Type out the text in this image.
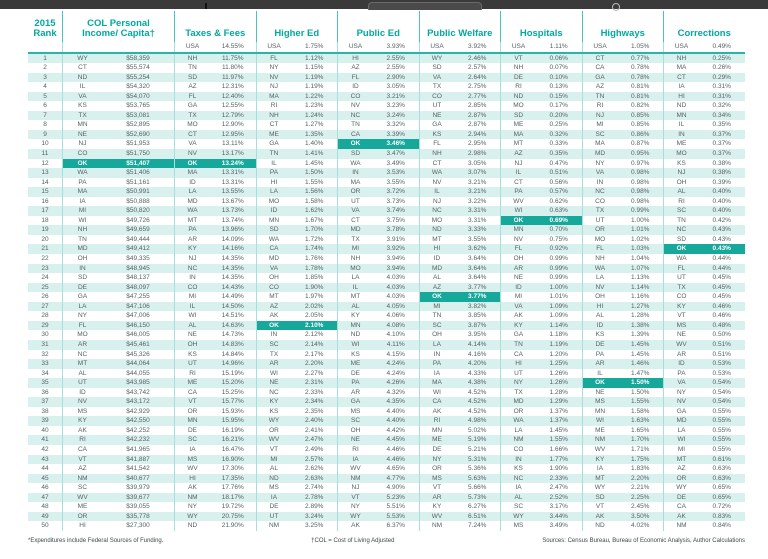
2015
Rank
COL Personal
Income/ Capita†	Taxes & Fees	Higher Ed	Public Ed	Public Welfare	Hospitals	Highways	Corrections
USA	14.55%	USA	1.75%	USA	3.93%	USA	3.92%	USA	1.11%	USA	1.05%	USA	0.49%
1	WY	$58,359	NH	11.75%	FL	1.12%	HI	2.55%	WY	2.46%	VT	0.06%	CT	0.77%	NH	0.25%
2	CT	$55,574	TN	11.80%	NY	1.15%	AZ	2.55%	SD	2.57%	NH	0.07%	CA	0.78%	MA	0.26%
3	ND	$55,254	SD	11.97%	NV	1.19%	FL	2.90%	VA	2.64%	DE	0.10%	GA	0.78%	CT	0.29%
4	IL	$54,320	AZ	12.31%	NJ	1.19%	ID	3.05%	TX	2.75%	RI	0.13%	AZ	0.81%	IA	0.31%
5	VA	$54,070	FL	12.40%	MA	1.22%	CO	3.21%	CO	2.77%	ND	0.15%	TN	0.81%	HI	0.31%
6	KS	$53,765	GA	12.55%	RI	1.23%	NV	3.23%	UT	2.85%	MO	0.17%	RI	0.82%	ND	0.32%
7	TX	$53,081	TX	12.79%	NH	1.24%	NC	3.24%	NE	2.87%	SD	0.20%	NJ	0.85%	MN	0.34%
8	MN	$52,895	MO	12.90%	CT	1.27%	TN	3.32%	GA	2.87%	ME	0.25%	MI	0.85%	IL	0.35%
9	NE	$52,690	CT	12.95%	ME	1.35%	CA	3.39%	KS	2.94%	MA	0.32%	SC	0.86%	IN	0.37%
10	NJ	$51,953	VA	13.11%	GA	1.40%	OK	3.46%	FL	2.95%	MT	0.33%	MA	0.87%	ME	0.37%
11	CO	$51,750	NV	13.17%	TN	1.41%	SD	3.47%	NH	2.98%	AZ	0.35%	MD	0.95%	MO	0.37%
12	OK	$51,407	OK	13.24%	IL	1.45%	WA	3.49%	CT	3.05%	NJ	0.47%	NY	0.97%	KS	0.38%
13	WA	$51,406	MA	13.31%	PA	1.50%	IN	3.53%	WA	3.07%	IL	0.51%	VA	0.98%	NJ	0.38%
14	PA	$51,161	ID	13.31%	HI	1.55%	MA	3.55%	NV	3.21%	CT	0.56%	IN	0.98%	OH	0.39%
15	MA	$50,991	LA	13.55%	LA	1.56%	OR	3.72%	IL	3.21%	PA	0.57%	NC	0.98%	AL	0.40%
16	IA	$50,888	MD	13.67%	MO	1.58%	UT	3.73%	NJ	3.22%	WV	0.62%	CO	0.98%	RI	0.40%
17	MI	$50,820	WA	13.73%	ID	1.62%	VA	3.74%	NC	3.31%	WI	0.63%	TX	0.99%	SC	0.40%
18	WI	$49,726	MT	13.74%	MN	1.67%	CT	3.75%	MO	3.31%	OK	0.69%	UT	1.00%	TN	0.42%
19	NH	$49,659	PA	13.96%	SD	1.70%	MD	3.78%	ND	3.33%	MN	0.70%	OR	1.01%	NC	0.43%
20	TN	$49,444	AR	14.09%	WA	1.72%	TX	3.91%	MT	3.55%	NV	0.75%	MO	1.02%	SD	0.43%
21	MD	$49,412	KY	14.16%	CA	1.74%	MI	3.92%	HI	3.62%	FL	0.92%	FL	1.03%	OK	0.43%
22	OH	$49,335	NJ	14.35%	MD	1.76%	NH	3.94%	ID	3.64%	OH	0.99%	NH	1.04%	WA	0.44%
23	IN	$48,945	NC	14.35%	VA	1.78%	MO	3.94%	MD	3.64%	AR	0.99%	WA	1.07%	FL	0.44%
24	SD	$48,137	IN	14.35%	OH	1.85%	LA	4.03%	AL	3.64%	NE	0.99%	LA	1.13%	UT	0.45%
25	DE	$48,097	CO	14.43%	CO	1.90%	IL	4.03%	AZ	3.77%	ID	1.00%	NV	1.14%	TX	0.45%
26	GA	$47,255	MI	14.49%	MT	1.97%	MT	4.03%	OK	3.77%	MI	1.01%	OH	1.16%	CO	0.45%
27	LA	$47,106	IL	14.50%	AZ	2.02%	AL	4.05%	MI	3.82%	VA	1.09%	HI	1.27%	KY	0.46%
28	NY	$47,006	WI	14.51%	AK	2.05%	KY	4.06%	TN	3.85%	AK	1.09%	AL	1.28%	VT	0.46%
29	FL	$46,150	AL	14.63%	OK	2.10%	MN	4.08%	SC	3.87%	KY	1.14%	ID	1.38%	MS	0.48%
30	MO	$46,005	NE	14.73%	IN	2.12%	ND	4.10%	OH	3.95%	GA	1.18%	KS	1.39%	NE	0.50%
31	AR	$45,461	OH	14.83%	SC	2.14%	WI	4.11%	LA	4.14%	TN	1.19%	DE	1.45%	WV	0.51%
32	NC	$45,326	KS	14.84%	TX	2.17%	KS	4.15%	IN	4.16%	CA	1.20%	PA	1.45%	AR	0.51%
33	MT	$44,064	UT	14.96%	AR	2.20%	ME	4.24%	PA	4.20%	HI	1.25%	AR	1.46%	ID	0.53%
34	AL	$44,055	RI	15.19%	WI	2.27%	DE	4.24%	IA	4.33%	UT	1.26%	IL	1.47%	PA	0.53%
35	UT	$43,985	ME	15.20%	NE	2.31%	PA	4.26%	MA	4.38%	NY	1.26%	OK	1.50%	VA	0.54%
36	ID	$43,742	CA	15.25%	NC	2.33%	AR	4.32%	WI	4.52%	TX	1.28%	NE	1.50%	NY	0.54%
37	NV	$43,172	VT	15.77%	KY	2.34%	GA	4.35%	CA	4.52%	MD	1.29%	MS	1.55%	NV	0.54%
38	MS	$42,929	OR	15.93%	KS	2.35%	MS	4.40%	AK	4.52%	OR	1.37%	MN	1.58%	GA	0.55%
39	KY	$42,550	MN	15.95%	WY	2.40%	SC	4.40%	RI	4.98%	WA	1.37%	WI	1.63%	MD	0.55%
40	AK	$42,252	DE	16.19%	OR	2.41%	OH	4.42%	MN	5.02%	LA	1.45%	ME	1.65%	LA	0.55%
41	RI	$42,232	SC	16.21%	WV	2.47%	NE	4.45%	ME	5.19%	NM	1.55%	NM	1.70%	WI	0.55%
42	CA	$41,965	IA	16.47%	VT	2.49%	RI	4.46%	DE	5.21%	CO	1.66%	WV	1.71%	MI	0.55%
43	VT	$41,887	MS	16.90%	MI	2.57%	IA	4.46%	NY	5.31%	IN	1.77%	KY	1.75%	MT	0.61%
44	AZ	$41,542	WV	17.30%	AL	2.62%	WV	4.65%	OR	5.36%	KS	1.90%	IA	1.83%	AZ	0.63%
45	NM	$40,677	HI	17.35%	ND	2.63%	NM	4.77%	MS	5.63%	NC	2.33%	MT	2.20%	OR	0.63%
46	SC	$39,979	AK	17.76%	MS	2.74%	NJ	4.90%	VT	5.66%	IA	2.47%	WY	2.21%	WY	0.65%
47	WV	$39,677	NM	18.17%	IA	2.78%	VT	5.23%	AR	5.73%	AL	2.52%	SD	2.25%	DE	0.65%
48	ME	$39,055	NY	19.72%	DE	2.89%	NY	5.51%	KY	6.27%	SC	3.17%	VT	2.45%	CA	0.72%
49	OR	$35,778	WY	20.75%	UT	3.24%	WY	5.53%	WV	6.51%	WY	3.44%	AK	3.50%	AK	0.83%
50	HI	$27,300	ND	21.90%	NM	3.25%	AK	6.37%	NM	7.24%	MS	3.49%	ND	4.02%	NM	0.84%
*Expenditures include Federal Sources of Funding.	†COL = Cost of Living Adjusted	Sources: Census Bureau, Bureau of Economic Analysis, Author Calculations
